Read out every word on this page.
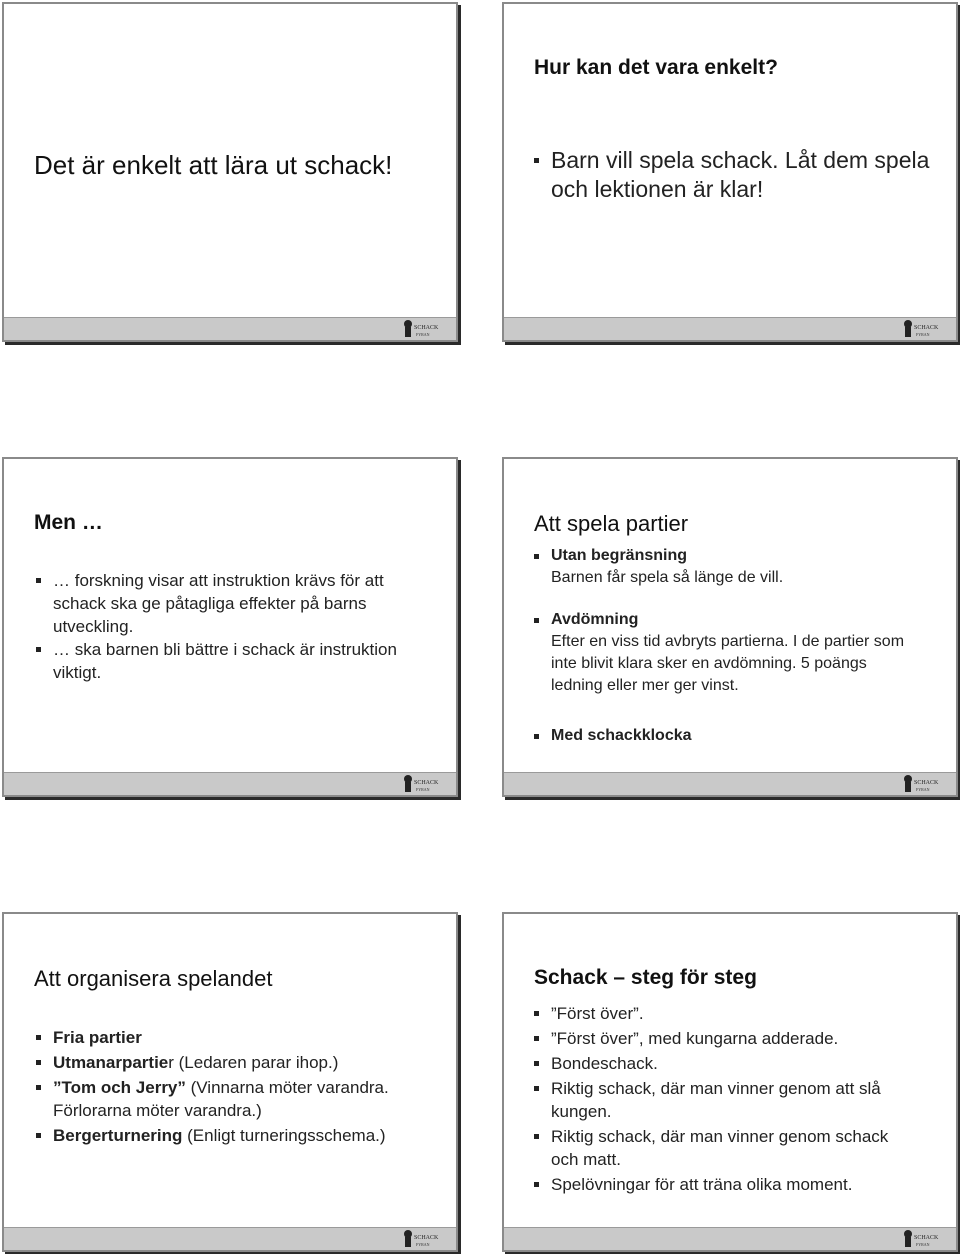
Det är enkelt att lära ut schack!
SCHACK
FYRAN
Hur kan det vara enkelt?
Barn vill spela schack. Låt dem spela och lektionen är klar!
SCHACK
FYRAN
Men …
… forskning visar att instruktion krävs för att schack ska ge påtagliga effekter på barns utveckling.
… ska barnen bli bättre i schack är instruktion viktigt.
SCHACK
FYRAN
Att spela partier
Utan begränsning
Barnen får spela så länge de vill.
Avdömning
Efter en viss tid avbryts partierna. I de partier som inte blivit klara sker en avdömning. 5 poängs ledning eller mer ger vinst.
Med schackklocka
SCHACK
FYRAN
Att organisera spelandet
Fria partier
Utmanarpartier (Ledaren parar ihop.)
”Tom och Jerry” (Vinnarna möter varandra. Förlorarna möter varandra.)
Bergerturnering (Enligt turneringsschema.)
SCHACK
FYRAN
Schack – steg för steg
”Först över”.
”Först över”, med kungarna adderade.
Bondeschack.
Riktig schack, där man vinner genom att slå kungen.
Riktig schack, där man vinner genom schack och matt.
Spelövningar för att träna olika moment.
SCHACK
FYRAN
